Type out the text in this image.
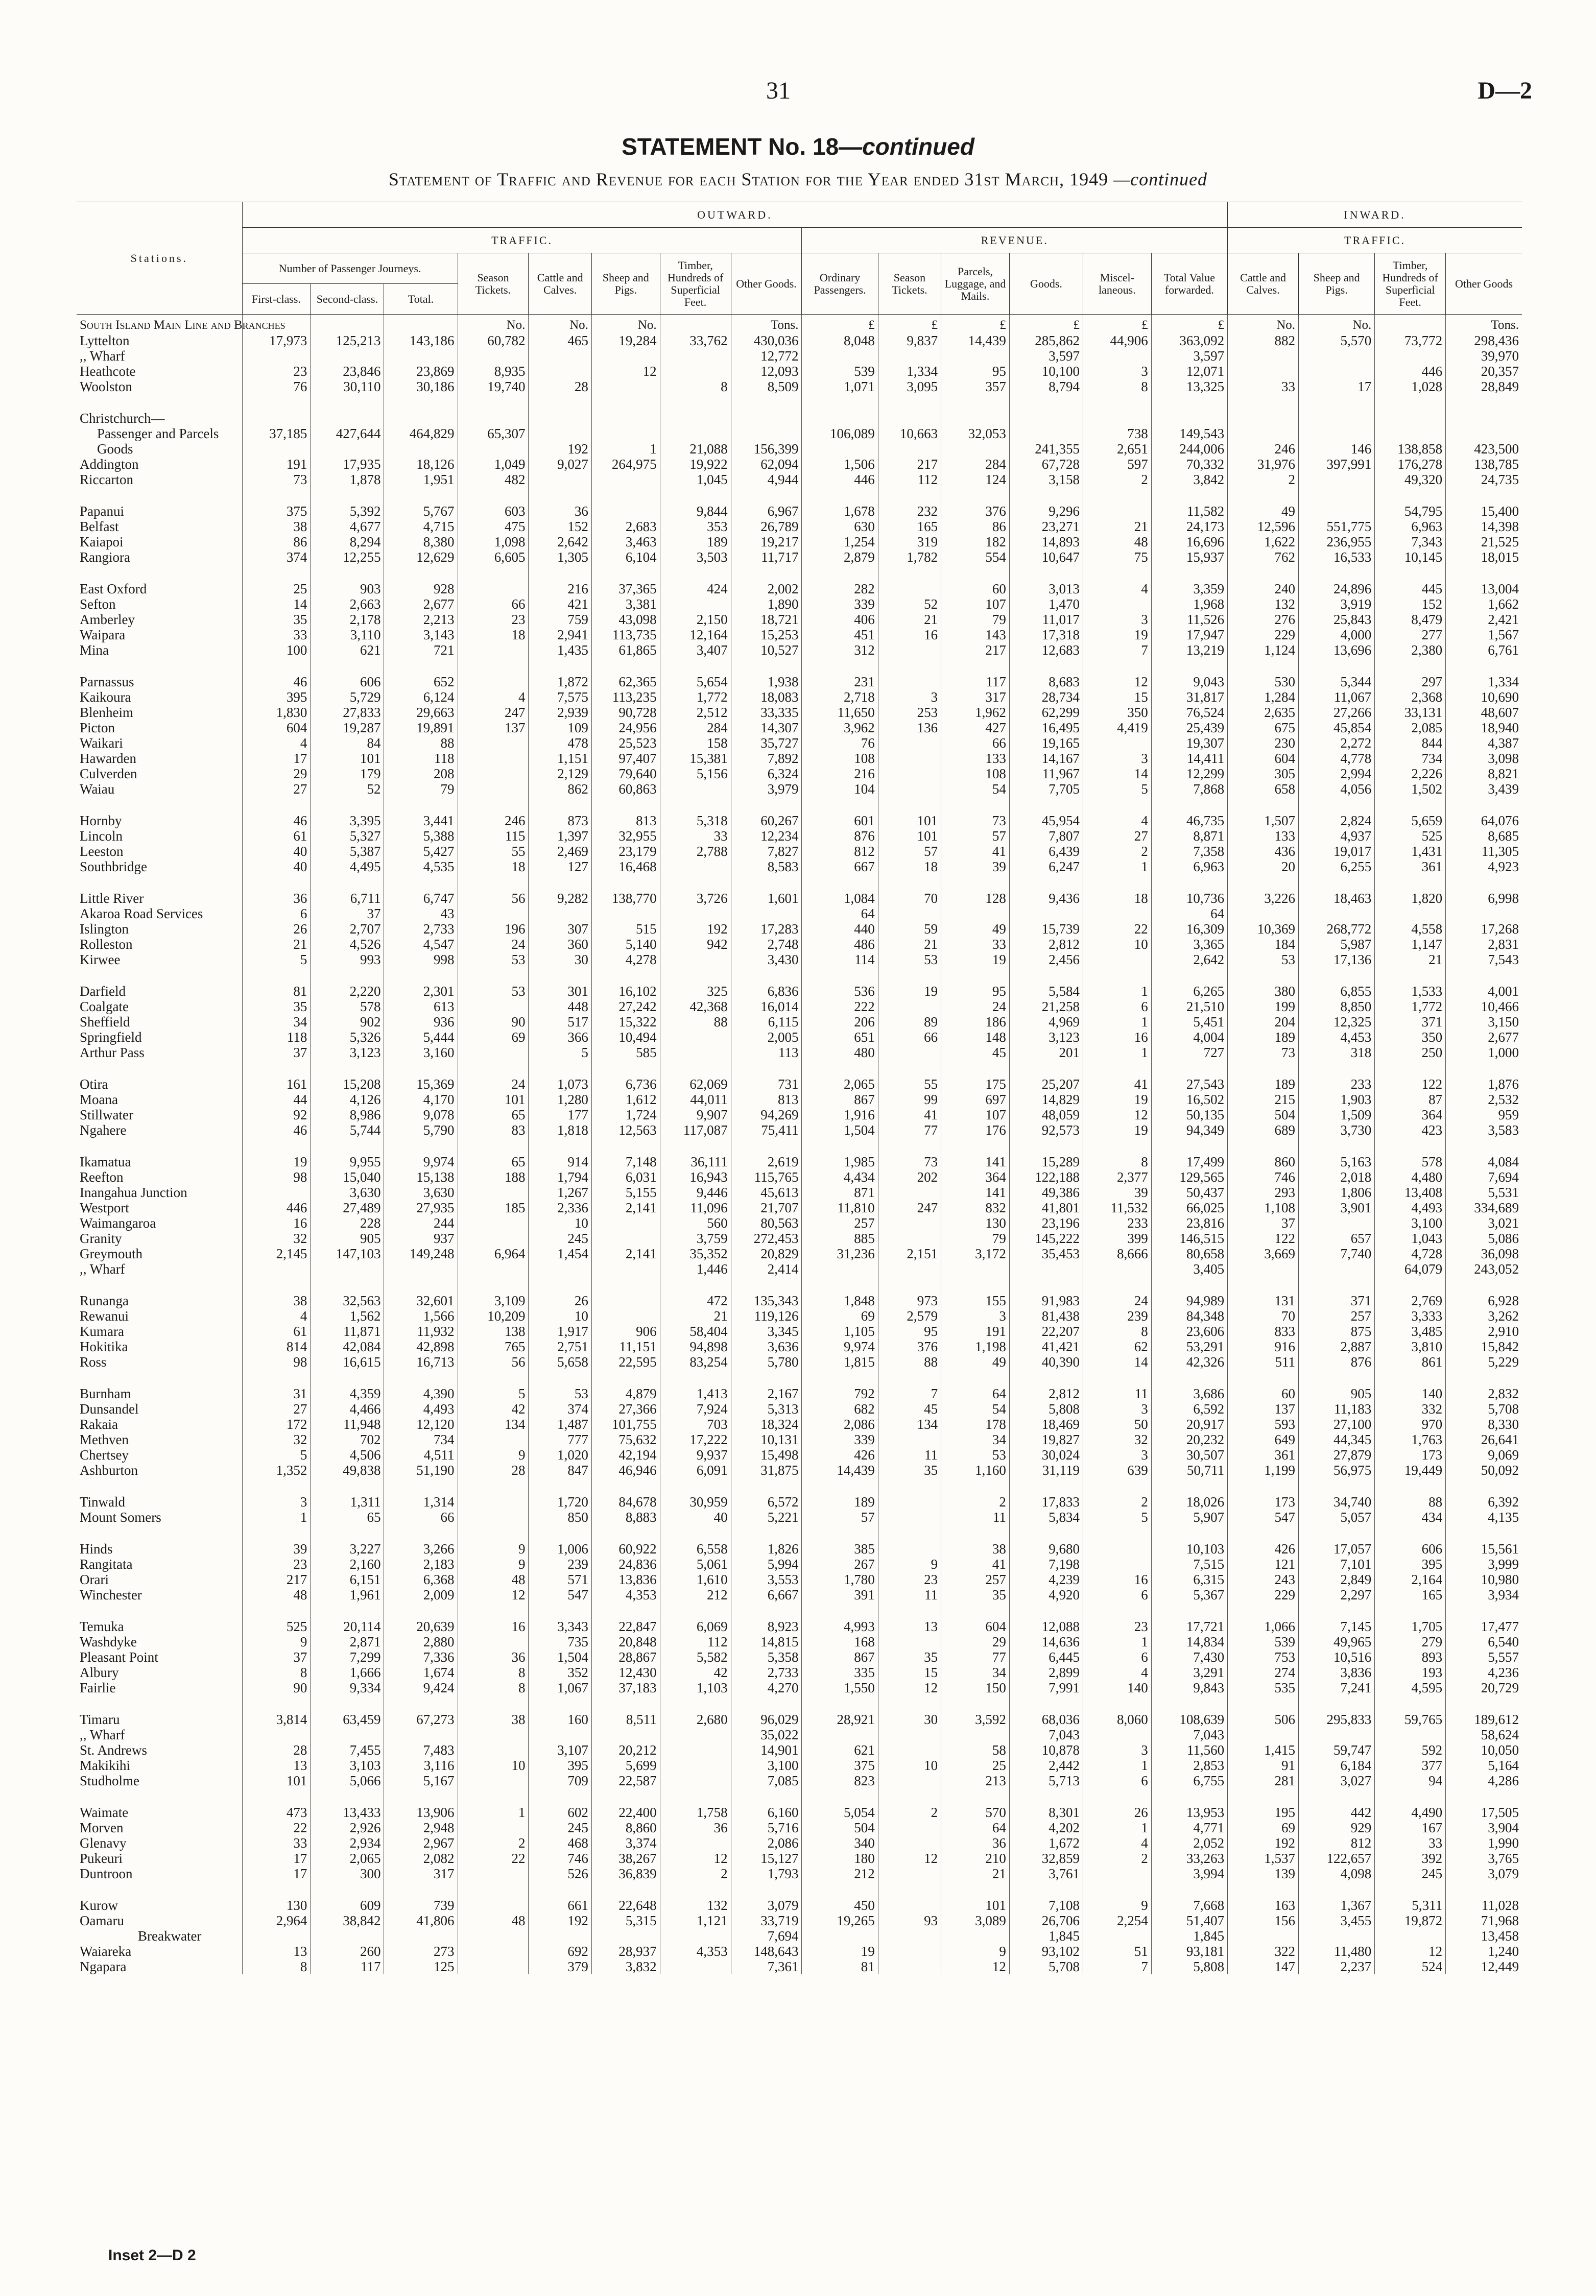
31	D—2
STATEMENT No. 18—continued
Statement of Traffic and Revenue for each Station for the Year ended 31st March, 1949 —continued
Stations.	OUTWARD.														INWARD.			
	TRAFFIC.								REVENUE.						TRAFFIC.			
	Number of Passenger Journeys.			Season Tickets.	Cattle and Calves.	Sheep and Pigs.	Timber, Hundreds of Superficial Feet.	Other Goods.	Ordinary Passengers.	Season Tickets.	Parcels, Luggage, and Mails.	Goods.	Miscel-laneous.	Total Value forwarded.	Cattle and Calves.	Sheep and Pigs.	Timber, Hundreds of Superficial Feet.	Other Goods
	First-class.	Second-class.	Total.															
South Island Main Line and Branches				No.	No.	No.		Tons.	£	£	£	£	£	£	No.	No.		Tons.
Lyttelton	17,973	125,213	143,186	60,782	465	19,284	33,762	430,036	8,048	9,837	14,439	285,862	44,906	363,092	882	5,570	73,772	298,436
,, Wharf								12,772				3,597		3,597				39,970
Heathcote	23	23,846	23,869	8,935		12		12,093	539	1,334	95	10,100	3	12,071			446	20,357
Woolston	76	30,110	30,186	19,740	28		8	8,509	1,071	3,095	357	8,794	8	13,325	33	17	1,028	28,849

Christchurch—																		
Passenger and Parcels	37,185	427,644	464,829	65,307					106,089	10,663	32,053		738	149,543				
Goods					192	1	21,088	156,399				241,355	2,651	244,006	246	146	138,858	423,500
Addington	191	17,935	18,126	1,049	9,027	264,975	19,922	62,094	1,506	217	284	67,728	597	70,332	31,976	397,991	176,278	138,785
Riccarton	73	1,878	1,951	482			1,045	4,944	446	112	124	3,158	2	3,842	2		49,320	24,735

Papanui	375	5,392	5,767	603	36		9,844	6,967	1,678	232	376	9,296		11,582	49		54,795	15,400
Belfast	38	4,677	4,715	475	152	2,683	353	26,789	630	165	86	23,271	21	24,173	12,596	551,775	6,963	14,398
Kaiapoi	86	8,294	8,380	1,098	2,642	3,463	189	19,217	1,254	319	182	14,893	48	16,696	1,622	236,955	7,343	21,525
Rangiora	374	12,255	12,629	6,605	1,305	6,104	3,503	11,717	2,879	1,782	554	10,647	75	15,937	762	16,533	10,145	18,015

East Oxford	25	903	928		216	37,365	424	2,002	282		60	3,013	4	3,359	240	24,896	445	13,004
Sefton	14	2,663	2,677	66	421	3,381		1,890	339	52	107	1,470		1,968	132	3,919	152	1,662
Amberley	35	2,178	2,213	23	759	43,098	2,150	18,721	406	21	79	11,017	3	11,526	276	25,843	8,479	2,421
Waipara	33	3,110	3,143	18	2,941	113,735	12,164	15,253	451	16	143	17,318	19	17,947	229	4,000	277	1,567
Mina	100	621	721		1,435	61,865	3,407	10,527	312		217	12,683	7	13,219	1,124	13,696	2,380	6,761

Parnassus	46	606	652		1,872	62,365	5,654	1,938	231		117	8,683	12	9,043	530	5,344	297	1,334
Kaikoura	395	5,729	6,124	4	7,575	113,235	1,772	18,083	2,718	3	317	28,734	15	31,817	1,284	11,067	2,368	10,690
Blenheim	1,830	27,833	29,663	247	2,939	90,728	2,512	33,335	11,650	253	1,962	62,299	350	76,524	2,635	27,266	33,131	48,607
Picton	604	19,287	19,891	137	109	24,956	284	14,307	3,962	136	427	16,495	4,419	25,439	675	45,854	2,085	18,940
Waikari	4	84	88		478	25,523	158	35,727	76		66	19,165		19,307	230	2,272	844	4,387
Hawarden	17	101	118		1,151	97,407	15,381	7,892	108		133	14,167	3	14,411	604	4,778	734	3,098
Culverden	29	179	208		2,129	79,640	5,156	6,324	216		108	11,967	14	12,299	305	2,994	2,226	8,821
Waiau	27	52	79		862	60,863		3,979	104		54	7,705	5	7,868	658	4,056	1,502	3,439

Hornby	46	3,395	3,441	246	873	813	5,318	60,267	601	101	73	45,954	4	46,735	1,507	2,824	5,659	64,076
Lincoln	61	5,327	5,388	115	1,397	32,955	33	12,234	876	101	57	7,807	27	8,871	133	4,937	525	8,685
Leeston	40	5,387	5,427	55	2,469	23,179	2,788	7,827	812	57	41	6,439	2	7,358	436	19,017	1,431	11,305
Southbridge	40	4,495	4,535	18	127	16,468		8,583	667	18	39	6,247	1	6,963	20	6,255	361	4,923

Little River	36	6,711	6,747	56	9,282	138,770	3,726	1,601	1,084	70	128	9,436	18	10,736	3,226	18,463	1,820	6,998
Akaroa Road Services	6	37	43						64					64				
Islington	26	2,707	2,733	196	307	515	192	17,283	440	59	49	15,739	22	16,309	10,369	268,772	4,558	17,268
Rolleston	21	4,526	4,547	24	360	5,140	942	2,748	486	21	33	2,812	10	3,365	184	5,987	1,147	2,831
Kirwee	5	993	998	53	30	4,278		3,430	114	53	19	2,456		2,642	53	17,136	21	7,543

Darfield	81	2,220	2,301	53	301	16,102	325	6,836	536	19	95	5,584	1	6,265	380	6,855	1,533	4,001
Coalgate	35	578	613		448	27,242	42,368	16,014	222		24	21,258	6	21,510	199	8,850	1,772	10,466
Sheffield	34	902	936	90	517	15,322	88	6,115	206	89	186	4,969	1	5,451	204	12,325	371	3,150
Springfield	118	5,326	5,444	69	366	10,494		2,005	651	66	148	3,123	16	4,004	189	4,453	350	2,677
Arthur Pass	37	3,123	3,160		5	585		113	480		45	201	1	727	73	318	250	1,000

Otira	161	15,208	15,369	24	1,073	6,736	62,069	731	2,065	55	175	25,207	41	27,543	189	233	122	1,876
Moana	44	4,126	4,170	101	1,280	1,612	44,011	813	867	99	697	14,829	19	16,502	215	1,903	87	2,532
Stillwater	92	8,986	9,078	65	177	1,724	9,907	94,269	1,916	41	107	48,059	12	50,135	504	1,509	364	959
Ngahere	46	5,744	5,790	83	1,818	12,563	117,087	75,411	1,504	77	176	92,573	19	94,349	689	3,730	423	3,583

Ikamatua	19	9,955	9,974	65	914	7,148	36,111	2,619	1,985	73	141	15,289	8	17,499	860	5,163	578	4,084
Reefton	98	15,040	15,138	188	1,794	6,031	16,943	115,765	4,434	202	364	122,188	2,377	129,565	746	2,018	4,480	7,694
Inangahua Junction		3,630	3,630		1,267	5,155	9,446	45,613	871		141	49,386	39	50,437	293	1,806	13,408	5,531
Westport	446	27,489	27,935	185	2,336	2,141	11,096	21,707	11,810	247	832	41,801	11,532	66,025	1,108	3,901	4,493	334,689
Waimangaroa	16	228	244		10		560	80,563	257		130	23,196	233	23,816	37		3,100	3,021
Granity	32	905	937		245		3,759	272,453	885		79	145,222	399	146,515	122	657	1,043	5,086
Greymouth	2,145	147,103	149,248	6,964	1,454	2,141	35,352	20,829	31,236	2,151	3,172	35,453	8,666	80,658	3,669	7,740	4,728	36,098
,, Wharf							1,446	2,414						3,405			64,079	243,052

Runanga	38	32,563	32,601	3,109	26		472	135,343	1,848	973	155	91,983	24	94,989	131	371	2,769	6,928
Rewanui	4	1,562	1,566	10,209	10		21	119,126	69	2,579	3	81,438	239	84,348	70	257	3,333	3,262
Kumara	61	11,871	11,932	138	1,917	906	58,404	3,345	1,105	95	191	22,207	8	23,606	833	875	3,485	2,910
Hokitika	814	42,084	42,898	765	2,751	11,151	94,898	3,636	9,974	376	1,198	41,421	62	53,291	916	2,887	3,810	15,842
Ross	98	16,615	16,713	56	5,658	22,595	83,254	5,780	1,815	88	49	40,390	14	42,326	511	876	861	5,229

Burnham	31	4,359	4,390	5	53	4,879	1,413	2,167	792	7	64	2,812	11	3,686	60	905	140	2,832
Dunsandel	27	4,466	4,493	42	374	27,366	7,924	5,313	682	45	54	5,808	3	6,592	137	11,183	332	5,708
Rakaia	172	11,948	12,120	134	1,487	101,755	703	18,324	2,086	134	178	18,469	50	20,917	593	27,100	970	8,330
Methven	32	702	734		777	75,632	17,222	10,131	339		34	19,827	32	20,232	649	44,345	1,763	26,641
Chertsey	5	4,506	4,511	9	1,020	42,194	9,937	15,498	426	11	53	30,024	3	30,507	361	27,879	173	9,069
Ashburton	1,352	49,838	51,190	28	847	46,946	6,091	31,875	14,439	35	1,160	31,119	639	50,711	1,199	56,975	19,449	50,092

Tinwald	3	1,311	1,314		1,720	84,678	30,959	6,572	189		2	17,833	2	18,026	173	34,740	88	6,392
Mount Somers	1	65	66		850	8,883	40	5,221	57		11	5,834	5	5,907	547	5,057	434	4,135

Hinds	39	3,227	3,266	9	1,006	60,922	6,558	1,826	385		38	9,680		10,103	426	17,057	606	15,561
Rangitata	23	2,160	2,183	9	239	24,836	5,061	5,994	267	9	41	7,198		7,515	121	7,101	395	3,999
Orari	217	6,151	6,368	48	571	13,836	1,610	3,553	1,780	23	257	4,239	16	6,315	243	2,849	2,164	10,980
Winchester	48	1,961	2,009	12	547	4,353	212	6,667	391	11	35	4,920	6	5,367	229	2,297	165	3,934

Temuka	525	20,114	20,639	16	3,343	22,847	6,069	8,923	4,993	13	604	12,088	23	17,721	1,066	7,145	1,705	17,477
Washdyke	9	2,871	2,880		735	20,848	112	14,815	168		29	14,636	1	14,834	539	49,965	279	6,540
Pleasant Point	37	7,299	7,336	36	1,504	28,867	5,582	5,358	867	35	77	6,445	6	7,430	753	10,516	893	5,557
Albury	8	1,666	1,674	8	352	12,430	42	2,733	335	15	34	2,899	4	3,291	274	3,836	193	4,236
Fairlie	90	9,334	9,424	8	1,067	37,183	1,103	4,270	1,550	12	150	7,991	140	9,843	535	7,241	4,595	20,729

Timaru	3,814	63,459	67,273	38	160	8,511	2,680	96,029	28,921	30	3,592	68,036	8,060	108,639	506	295,833	59,765	189,612
,, Wharf								35,022				7,043		7,043				58,624
St. Andrews	28	7,455	7,483		3,107	20,212		14,901	621		58	10,878	3	11,560	1,415	59,747	592	10,050
Makikihi	13	3,103	3,116	10	395	5,699		3,100	375	10	25	2,442	1	2,853	91	6,184	377	5,164
Studholme	101	5,066	5,167		709	22,587		7,085	823		213	5,713	6	6,755	281	3,027	94	4,286

Waimate	473	13,433	13,906	1	602	22,400	1,758	6,160	5,054	2	570	8,301	26	13,953	195	442	4,490	17,505
Morven	22	2,926	2,948		245	8,860	36	5,716	504		64	4,202	1	4,771	69	929	167	3,904
Glenavy	33	2,934	2,967	2	468	3,374		2,086	340		36	1,672	4	2,052	192	812	33	1,990
Pukeuri	17	2,065	2,082	22	746	38,267	12	15,127	180	12	210	32,859	2	33,263	1,537	122,657	392	3,765
Duntroon	17	300	317		526	36,839	2	1,793	212		21	3,761		3,994	139	4,098	245	3,079

Kurow	130	609	739		661	22,648	132	3,079	450		101	7,108	9	7,668	163	1,367	5,311	11,028
Oamaru	2,964	38,842	41,806	48	192	5,315	1,121	33,719	19,265	93	3,089	26,706	2,254	51,407	156	3,455	19,872	71,968
Breakwater								7,694				1,845		1,845				13,458
Waiareka	13	260	273		692	28,937	4,353	148,643	19		9	93,102	51	93,181	322	11,480	12	1,240
Ngapara	8	117	125		379	3,832		7,361	81		12	5,708	7	5,808	147	2,237	524	12,449
Inset 2—D 2
